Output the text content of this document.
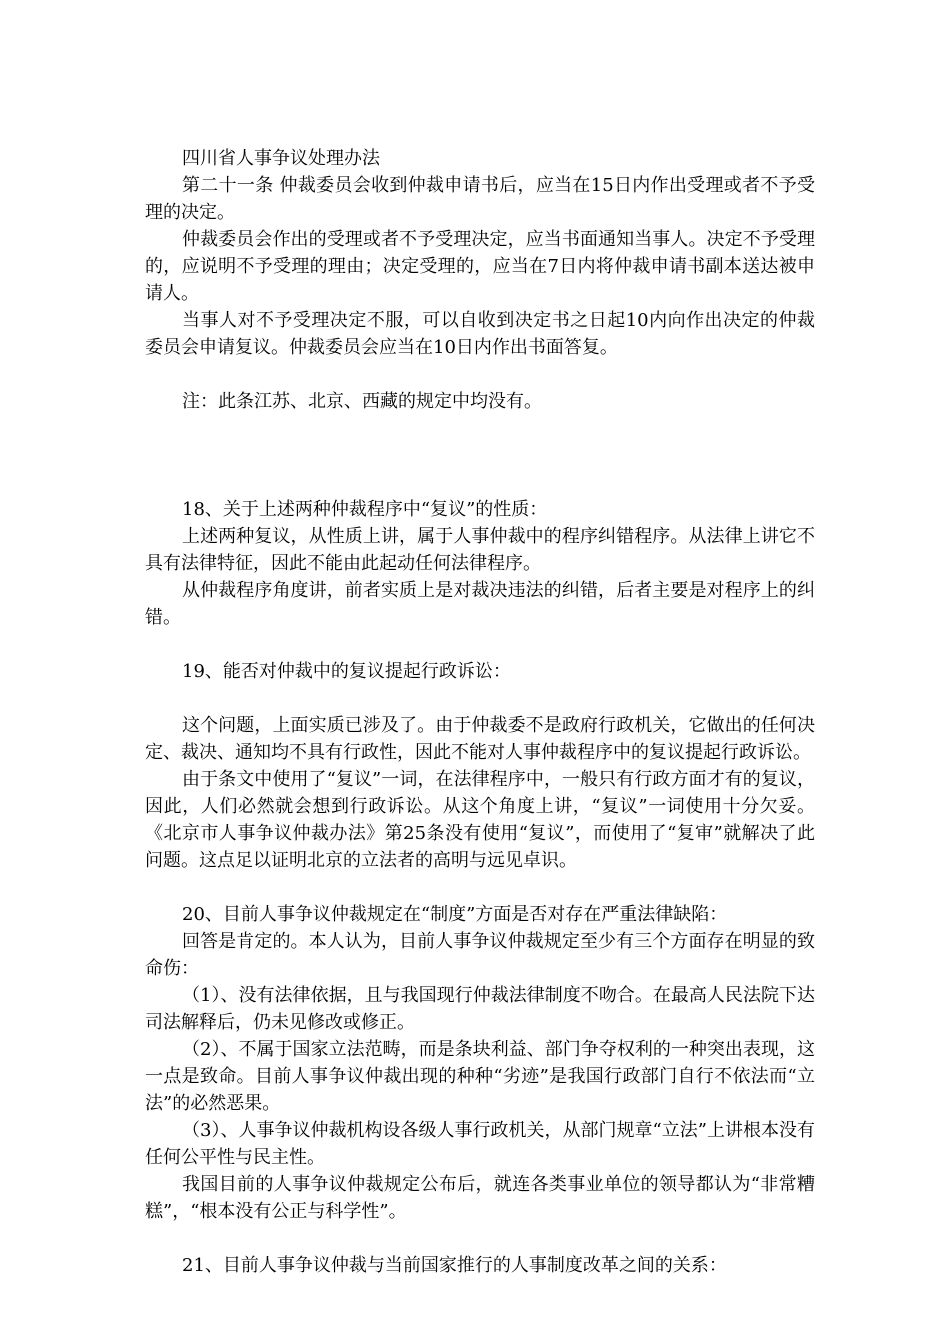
四川省人事争议处理办法

第二十一条 仲裁委员会收到仲裁申请书后，应当在15日内作出受理或者不予受理的决定。

仲裁委员会作出的受理或者不予受理决定，应当书面通知当事人。决定不予受理的，应说明不予受理的理由；决定受理的，应当在7日内将仲裁申请书副本送达被申请人。

当事人对不予受理决定不服，可以自收到决定书之日起10内向作出决定的仲裁委员会申请复议。仲裁委员会应当在10日内作出书面答复。

注：此条江苏、北京、西藏的规定中均没有。

18、关于上述两种仲裁程序中“复议”的性质：

上述两种复议，从性质上讲，属于人事仲裁中的程序纠错程序。从法律上讲它不具有法律特征，因此不能由此起动任何法律程序。

从仲裁程序角度讲，前者实质上是对裁决违法的纠错，后者主要是对程序上的纠错。

19、能否对仲裁中的复议提起行政诉讼：

这个问题，上面实质已涉及了。由于仲裁委不是政府行政机关，它做出的任何决定、裁决、通知均不具有行政性，因此不能对人事仲裁程序中的复议提起行政诉讼。

由于条文中使用了“复议”一词，在法律程序中，一般只有行政方面才有的复议，因此，人们必然就会想到行政诉讼。从这个角度上讲，“复议”一词使用十分欠妥。《北京市人事争议仲裁办法》第25条没有使用“复议”，而使用了“复审”就解决了此问题。这点足以证明北京的立法者的高明与远见卓识。

20、目前人事争议仲裁规定在“制度”方面是否对存在严重法律缺陷：

回答是肯定的。本人认为，目前人事争议仲裁规定至少有三个方面存在明显的致命伤：

（1）、没有法律依据，且与我国现行仲裁法律制度不吻合。在最高人民法院下达司法解释后，仍未见修改或修正。

（2）、不属于国家立法范畴，而是条块利益、部门争夺权利的一种突出表现，这一点是致命。目前人事争议仲裁出现的种种“劣迹”是我国行政部门自行不依法而“立法”的必然恶果。

（3）、人事争议仲裁机构设各级人事行政机关，从部门规章“立法”上讲根本没有任何公平性与民主性。

我国目前的人事争议仲裁规定公布后，就连各类事业单位的领导都认为“非常糟糕”，“根本没有公正与科学性”。

21、目前人事争议仲裁与当前国家推行的人事制度改革之间的关系：
